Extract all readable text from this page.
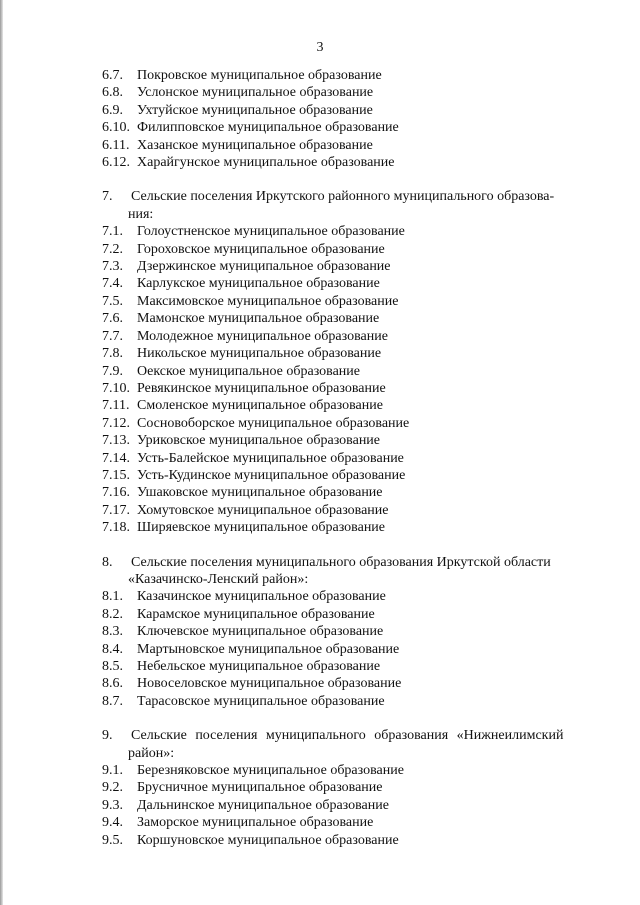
3
6.7.	Покровское муниципальное образование
6.8.	Услонское муниципальное образование
6.9.	Ухтуйское муниципальное образование
6.10. Филипповское муниципальное образование
6.11. Хазанское муниципальное образование
6.12. Харайгунское муниципальное образование
7.	Сельские поселения Иркутского районного муниципального образова-
ния:
7.1.	Голоустненское муниципальное образование
7.2.	Гороховское муниципальное образование
7.3.	Дзержинское муниципальное образование
7.4.	Карлукское муниципальное образование
7.5.	Максимовское муниципальное образование
7.6.	Мамонское муниципальное образование
7.7.	Молодежное муниципальное образование
7.8.	Никольское муниципальное образование
7.9.	Оекское муниципальное образование
7.10. Ревякинское муниципальное образование
7.11. Смоленское муниципальное образование
7.12. Сосновоборское муниципальное образование
7.13. Уриковское муниципальное образование
7.14. Усть-Балейское муниципальное образование
7.15. Усть-Кудинское муниципальное образование
7.16. Ушаковское муниципальное образование
7.17. Хомутовское муниципальное образование
7.18. Ширяевское муниципальное образование
8.	Сельские поселения муниципального образования Иркутской области
«Казачинско-Ленский район»:
8.1.	Казачинское муниципальное образование
8.2.	Карамское муниципальное образование
8.3.	Ключевское муниципальное образование
8.4.	Мартыновское муниципальное образование
8.5.	Небельское муниципальное образование
8.6.	Новоселовское муниципальное образование
8.7.	Тарасовское муниципальное образование
9.	Сельские поселения муниципального образования «Нижнеилимский
район»:
9.1.	Березняковское муниципальное образование
9.2.	Брусничное муниципальное образование
9.3.	Дальнинское муниципальное образование
9.4.	Заморское муниципальное образование
9.5.	Коршуновское муниципальное образование
